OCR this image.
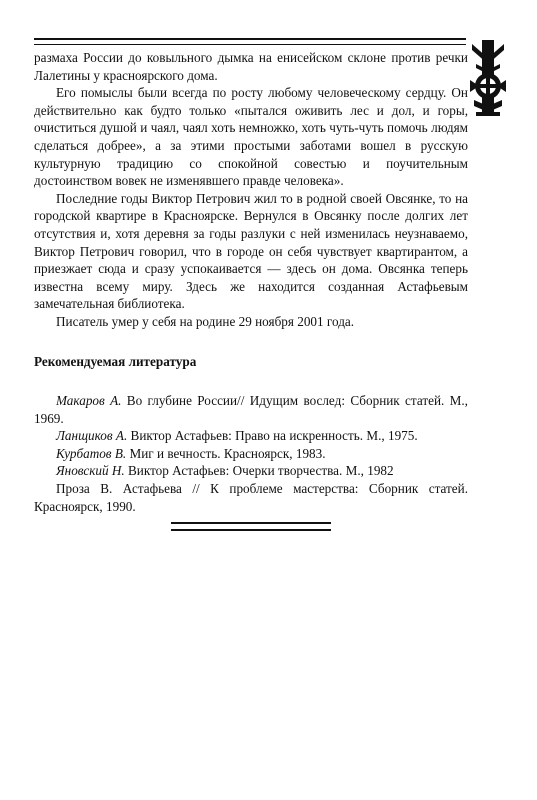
размаха России до ковыльного дымка на енисейском склоне против речки Лалетины у красноярского дома.

Его помыслы были всегда по росту любому человеческому сердцу. Он действительно как будто только «пытался оживить лес и дол, и горы, очиститься душой и чаял, чаял хоть немножко, хоть чуть-чуть помочь людям сделаться добрее», а за этими простыми заботами вошел в русскую культурную традицию со спокойной совестью и поучительным достоинством вовек не изменявшего правде человека».

Последние годы Виктор Петрович жил то в родной своей Овсянке, то на городской квартире в Красноярске. Вернулся в Овсянку после долгих лет отсутствия и, хотя деревня за годы разлуки с ней изменилась неузнаваемо, Виктор Петрович говорил, что в городе он себя чувствует квартирантом, а приезжает сюда и сразу успокаивается — здесь он дома. Овсянка теперь известна всему миру. Здесь же находится созданная Астафьевым замечательная библиотека.

Писатель умер у себя на родине 29 ноября 2001 года.

Рекомендуемая литература

Макаров А. Во глубине России// Идущим вослед: Сборник статей. М., 1969.

Ланщиков А. Виктор Астафьев: Право на искренность. М., 1975.

Курбатов В. Миг и вечность. Красноярск, 1983.

Яновский Н. Виктор Астафьев: Очерки творчества. М., 1982

Проза В. Астафьева // К проблеме мастерства: Сборник статей. Красноярск, 1990.
